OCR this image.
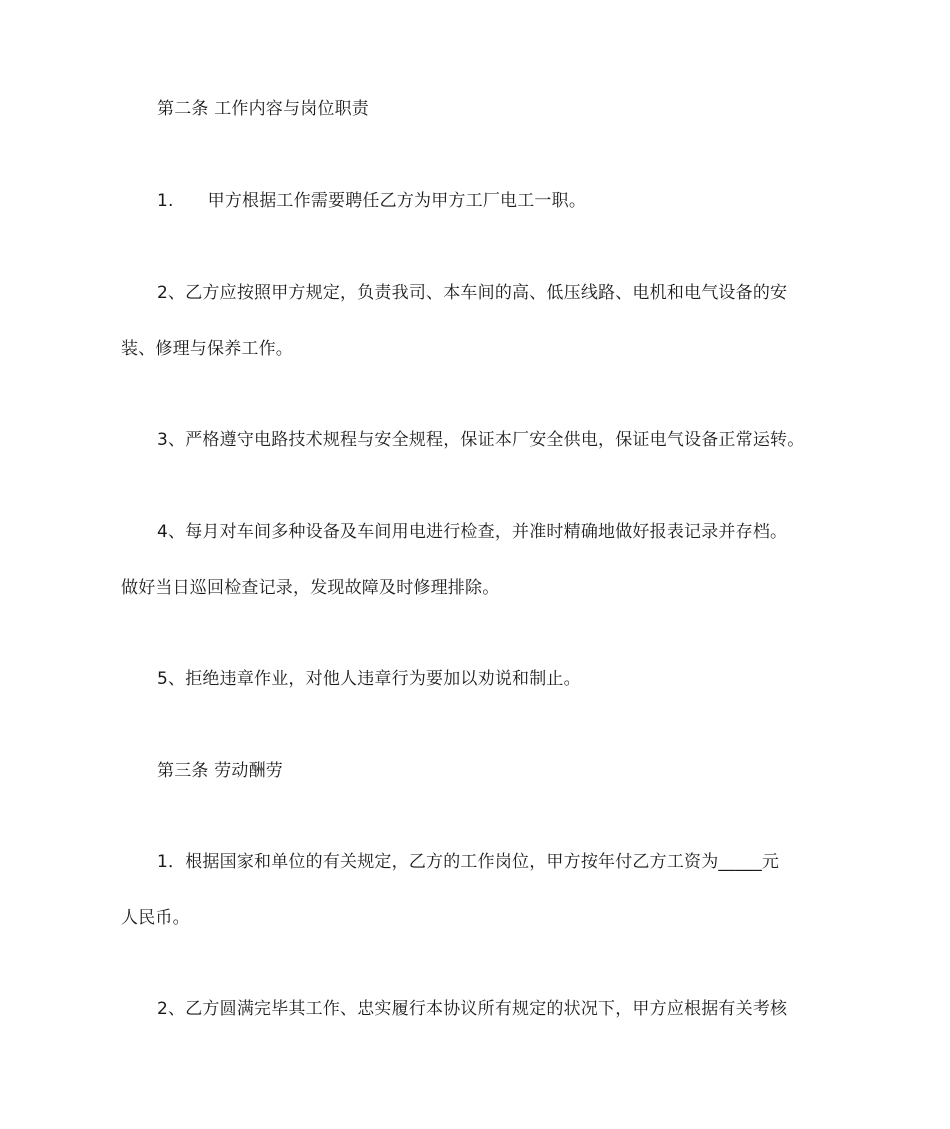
第二条 工作内容与岗位职责
1. 甲方根据工作需要聘任乙方为甲方工厂电工一职。
2、乙方应按照甲方规定，负责我司、本车间的高、低压线路、电机和电气设备的安
装、修理与保养工作。
3、严格遵守电路技术规程与安全规程，保证本厂安全供电，保证电气设备正常运转。
4、每月对车间多种设备及车间用电进行检查，并准时精确地做好报表记录并存档。
做好当日巡回检查记录，发现故障及时修理排除。
5、拒绝违章作业，对他人违章行为要加以劝说和制止。
第三条 劳动酬劳
1．根据国家和单位的有关规定，乙方的工作岗位，甲方按年付乙方工资为_____元
人民币。
2、乙方圆满完毕其工作、忠实履行本协议所有规定的状况下，甲方应根据有关考核
